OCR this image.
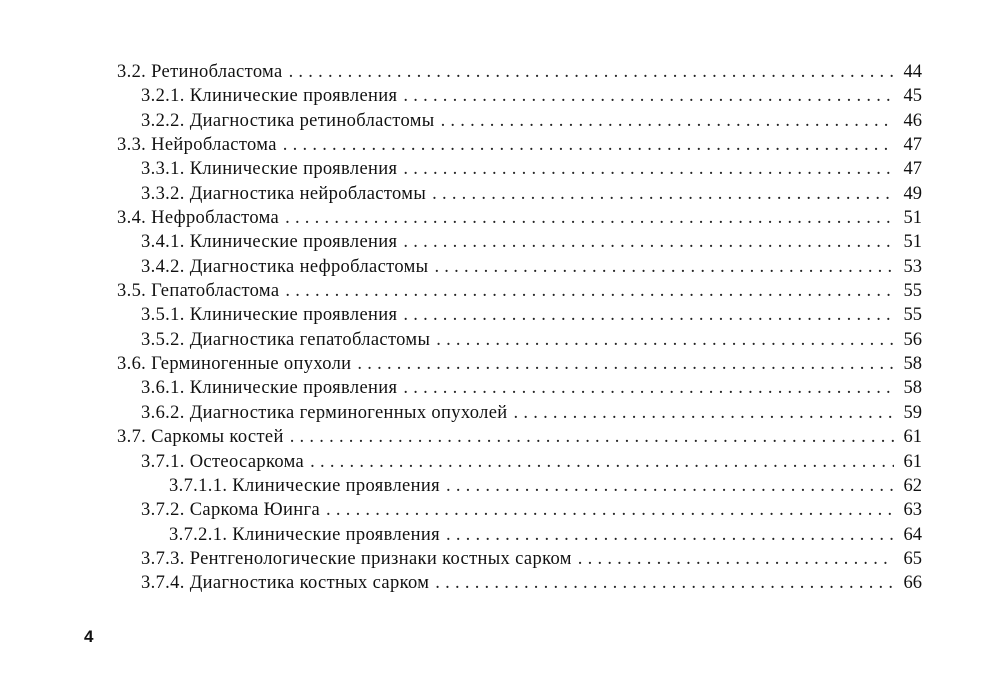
3.2. Ретинобластома . . .	44
3.2.1. Клинические проявления . . .	45
3.2.2. Диагностика ретинобластомы . . .	46
3.3. Нейробластома . . .	47
3.3.1. Клинические проявления . . .	47
3.3.2. Диагностика нейробластомы . . .	49
3.4. Нефробластома . . .	51
3.4.1. Клинические проявления . . .	51
3.4.2. Диагностика нефробластомы . . .	53
3.5. Гепатобластома . . .	55
3.5.1. Клинические проявления . . .	55
3.5.2. Диагностика гепатобластомы . . .	56
3.6. Герминогенные опухоли . . .	58
3.6.1. Клинические проявления . . .	58
3.6.2. Диагностика герминогенных опухолей . . .	59
3.7. Саркомы костей . . .	61
3.7.1. Остеосаркома . . .	61
3.7.1.1. Клинические проявления . . .	62
3.7.2. Саркома Юинга . . .	63
3.7.2.1. Клинические проявления . . .	64
3.7.3. Рентгенологические признаки костных сарком . . .	65
3.7.4. Диагностика костных сарком . . .	66
4
